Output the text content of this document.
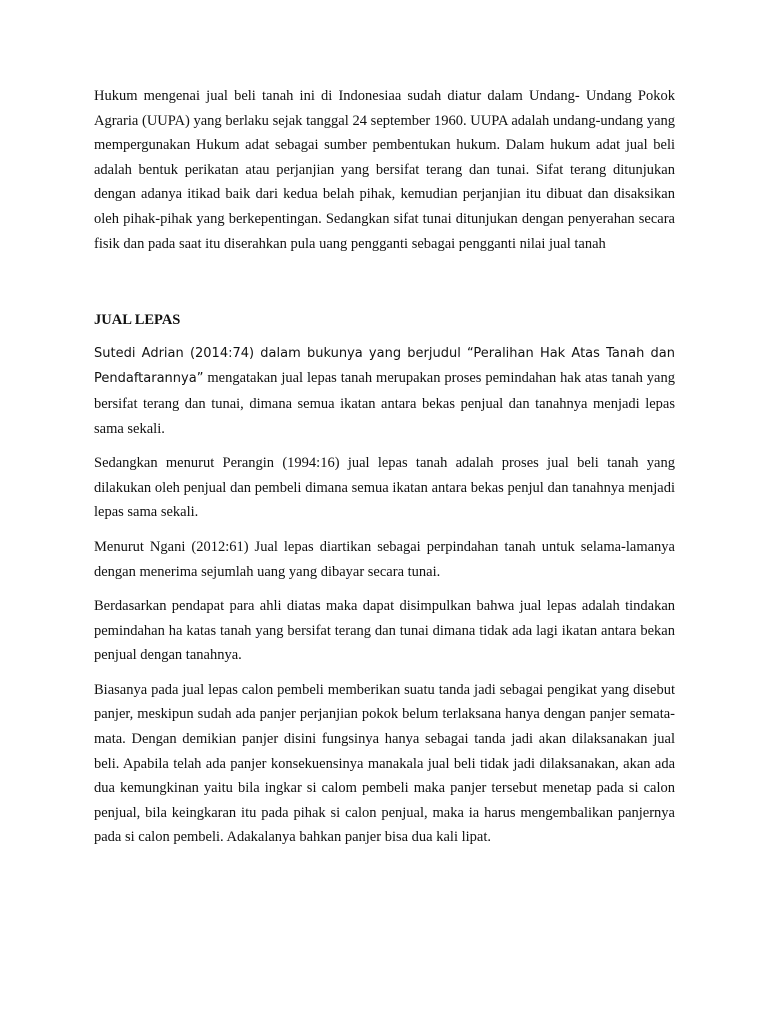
Hukum mengenai jual beli tanah ini di Indonesiaa sudah diatur dalam Undang- Undang Pokok Agraria (UUPA) yang berlaku sejak tanggal 24 september 1960. UUPA adalah undang-undang yang mempergunakan Hukum adat sebagai sumber pembentukan hukum. Dalam hukum adat jual beli adalah bentuk perikatan atau perjanjian yang bersifat terang dan tunai. Sifat terang ditunjukan dengan adanya itikad baik dari kedua belah pihak, kemudian perjanjian itu dibuat dan disaksikan oleh pihak-pihak yang berkepentingan. Sedangkan sifat tunai ditunjukan dengan penyerahan secara fisik dan pada saat itu diserahkan pula uang pengganti sebagai pengganti nilai jual tanah

JUAL LEPAS

Sutedi Adrian (2014:74) dalam bukunya yang berjudul “Peralihan Hak Atas Tanah dan Pendaftarannya” mengatakan jual lepas tanah merupakan proses pemindahan hak atas tanah yang bersifat terang dan tunai, dimana semua ikatan antara bekas penjual dan tanahnya menjadi lepas sama sekali.

Sedangkan menurut Perangin (1994:16) jual lepas tanah adalah proses jual beli tanah yang dilakukan oleh penjual dan pembeli dimana semua ikatan antara bekas penjul dan tanahnya menjadi lepas sama sekali.

Menurut Ngani (2012:61) Jual lepas diartikan sebagai perpindahan tanah untuk selama-lamanya dengan menerima sejumlah uang yang dibayar secara tunai.

Berdasarkan pendapat para ahli diatas maka dapat disimpulkan bahwa jual lepas adalah tindakan pemindahan ha katas tanah yang bersifat terang dan tunai dimana tidak ada lagi ikatan antara bekan penjual dengan tanahnya.

Biasanya pada jual lepas calon pembeli memberikan suatu tanda jadi sebagai pengikat yang disebut panjer, meskipun sudah ada panjer perjanjian pokok belum terlaksana hanya dengan panjer semata-mata. Dengan demikian panjer disini fungsinya hanya sebagai tanda jadi akan dilaksanakan jual beli. Apabila telah ada panjer konsekuensinya manakala jual beli tidak jadi dilaksanakan, akan ada dua kemungkinan yaitu bila ingkar si calom pembeli maka panjer tersebut menetap pada si calon penjual, bila keingkaran itu pada pihak si calon penjual, maka ia harus mengembalikan panjernya pada si calon pembeli. Adakalanya bahkan panjer bisa dua kali lipat.
